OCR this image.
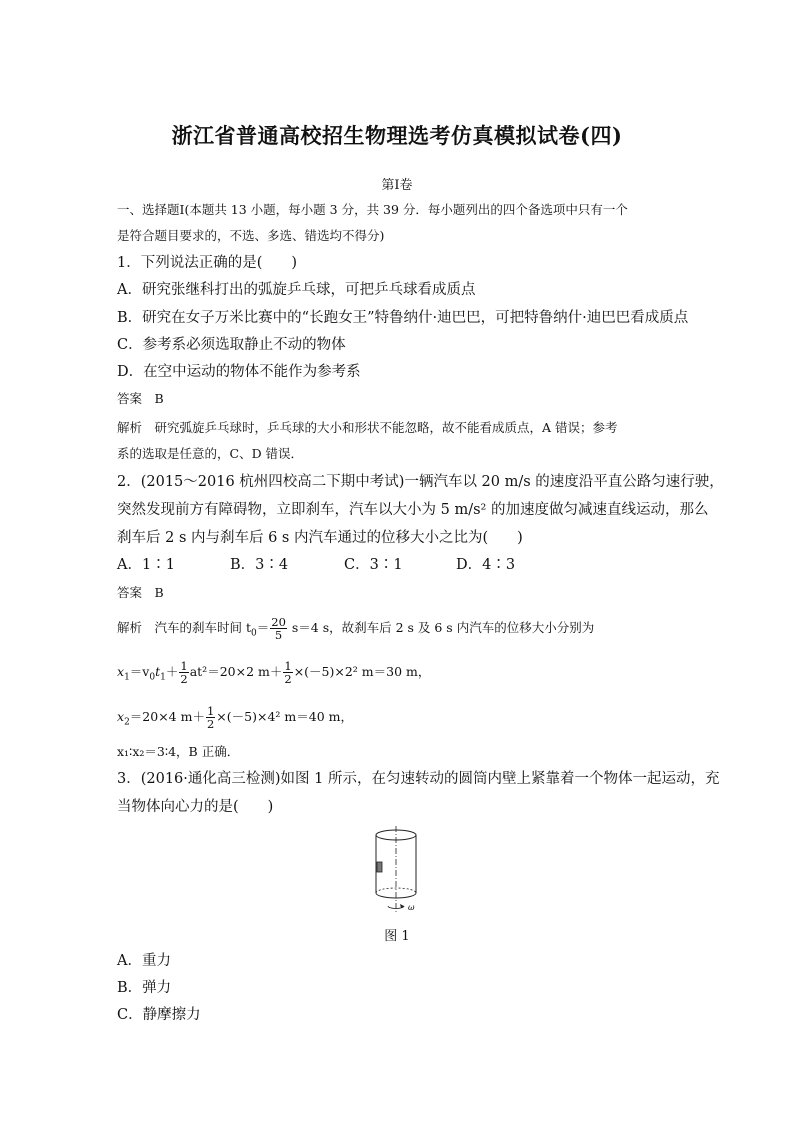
浙江省普通高校招生物理选考仿真模拟试卷(四)
第Ⅰ卷
一、选择题Ⅰ(本题共 13 小题，每小题 3 分，共 39 分．每小题列出的四个备选项中只有一个
是符合题目要求的，不选、多选、错选均不得分)
1．下列说法正确的是(　　)
A．研究张继科打出的弧旋乒乓球，可把乒乓球看成质点
B．研究在女子万米比赛中的“长跑女王”特鲁纳什·迪巴巴，可把特鲁纳什·迪巴巴看成质点
C．参考系必须选取静止不动的物体
D．在空中运动的物体不能作为参考系
答案　B
解析　研究弧旋乒乓球时，乒乓球的大小和形状不能忽略，故不能看成质点，A 错误；参考
系的选取是任意的，C、D 错误．
2．(2015～2016 杭州四校高二下期中考试)一辆汽车以 20 m/s 的速度沿平直公路匀速行驶，
突然发现前方有障碍物，立即刹车，汽车以大小为 5 m/s² 的加速度做匀减速直线运动，那么
刹车后 2 s 内与刹车后 6 s 内汽车通过的位移大小之比为(　　)
A．1∶1	B．3∶4	C．3∶1	D．4∶3
答案　B
解析　汽车的刹车时间 $t_0= \frac{20}{5} s=4$ s，故刹车后 2 s 及 6 s 内汽车的位移大小分别为
$x_1=v_0t_1+ \frac{1}{2} at^2=20\times 2$ $m+ \frac{1}{2} \times(-5)\times 2^2$ m＝30 m，
$x_2=20\times 4$ $m+ \frac{1}{2} \times(-5)\times 4^2$ m＝40 m，
x₁∶x₂＝3∶4，B 正确．
3．(2016·通化高三检测)如图 1 所示，在匀速转动的圆筒内壁上紧靠着一个物体一起运动，充
当物体向心力的是(　　)
ω
图 1
A．重力
B．弹力
C．静摩擦力
